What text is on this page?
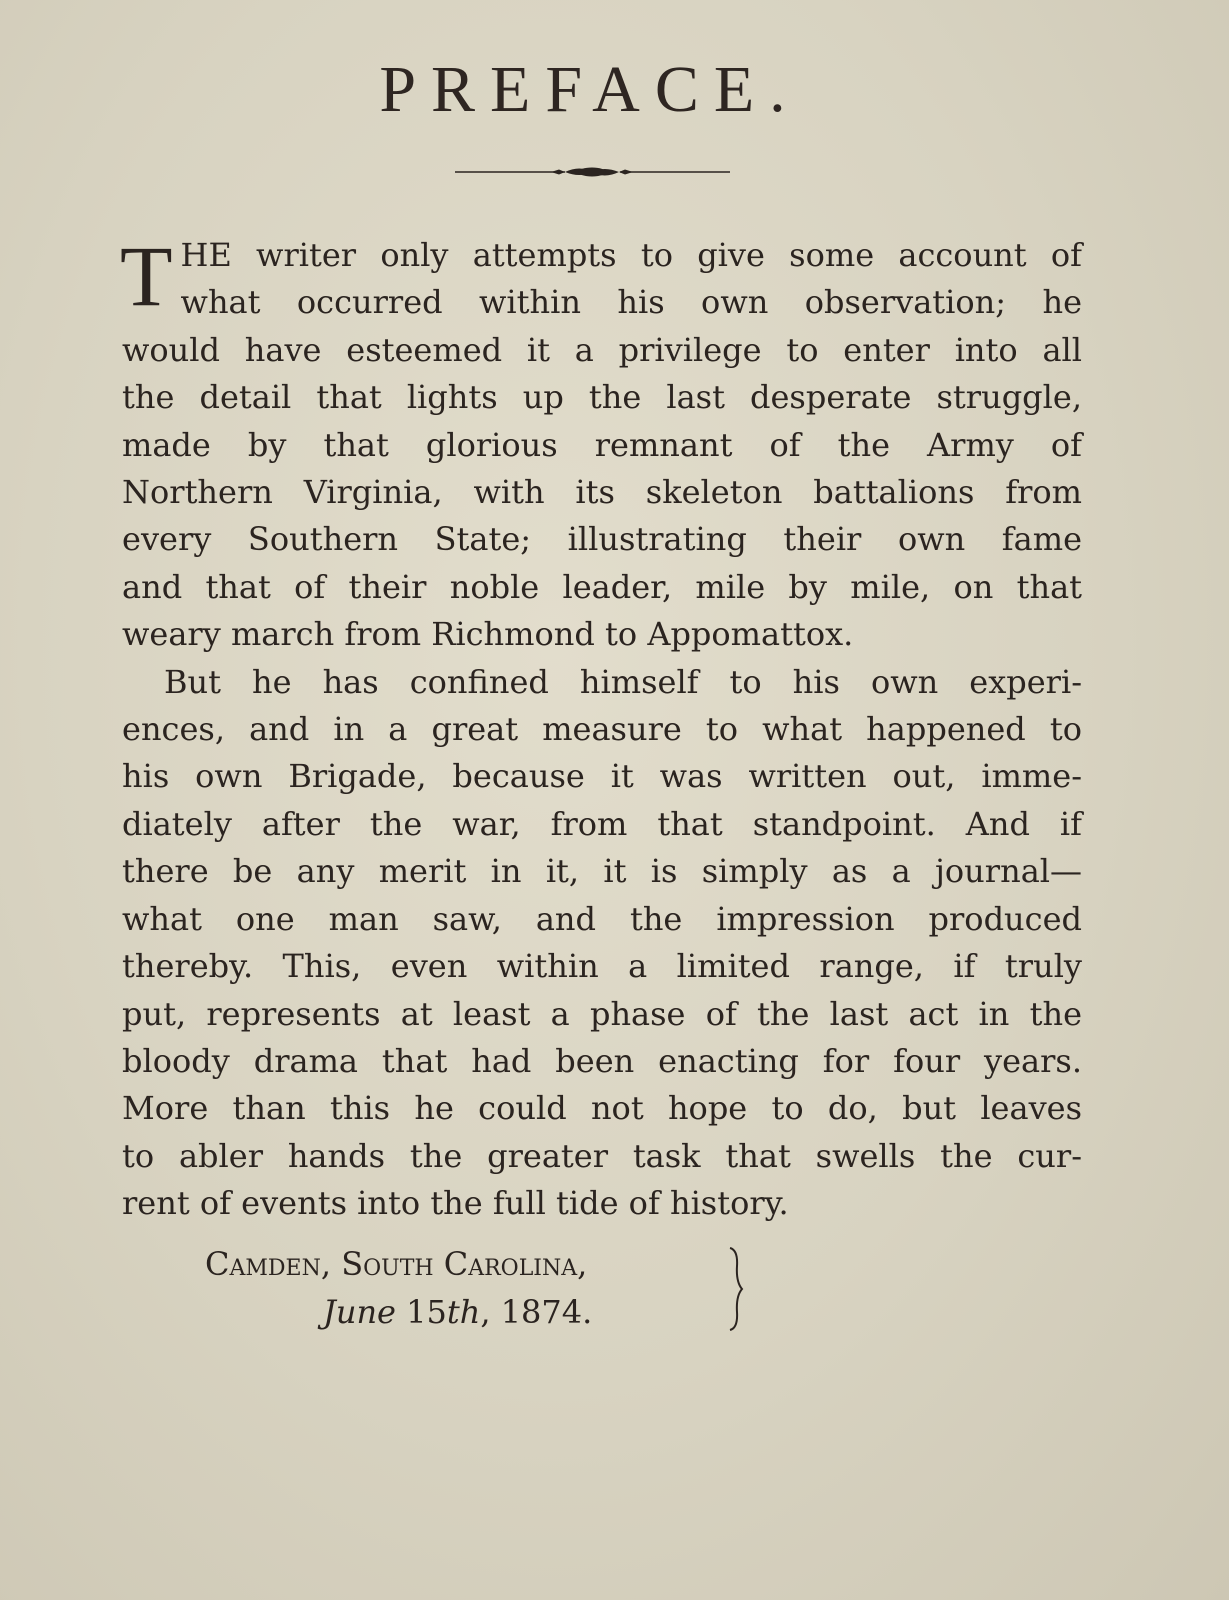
PREFACE.
T HE writer only attempts to give some account of
what occurred within his own observation; he
would have esteemed it a privilege to enter into all
the detail that lights up the last desperate struggle,
made by that glorious remnant of the Army of
Northern Virginia, with its skeleton battalions from
every Southern State; illustrating their own fame
and that of their noble leader, mile by mile, on that
weary march from Richmond to Appomattox.
But he has confined himself to his own experi-
ences, and in a great measure to what happened to
his own Brigade, because it was written out, imme-
diately after the war, from that standpoint. And if
there be any merit in it, it is simply as a journal—
what one man saw, and the impression produced
thereby. This, even within a limited range, if truly
put, represents at least a phase of the last act in the
bloody drama that had been enacting for four years.
More than this he could not hope to do, but leaves
to abler hands the greater task that swells the cur-
rent of events into the full tide of history.
Camden, South Carolina,
June 15th, 1874.
